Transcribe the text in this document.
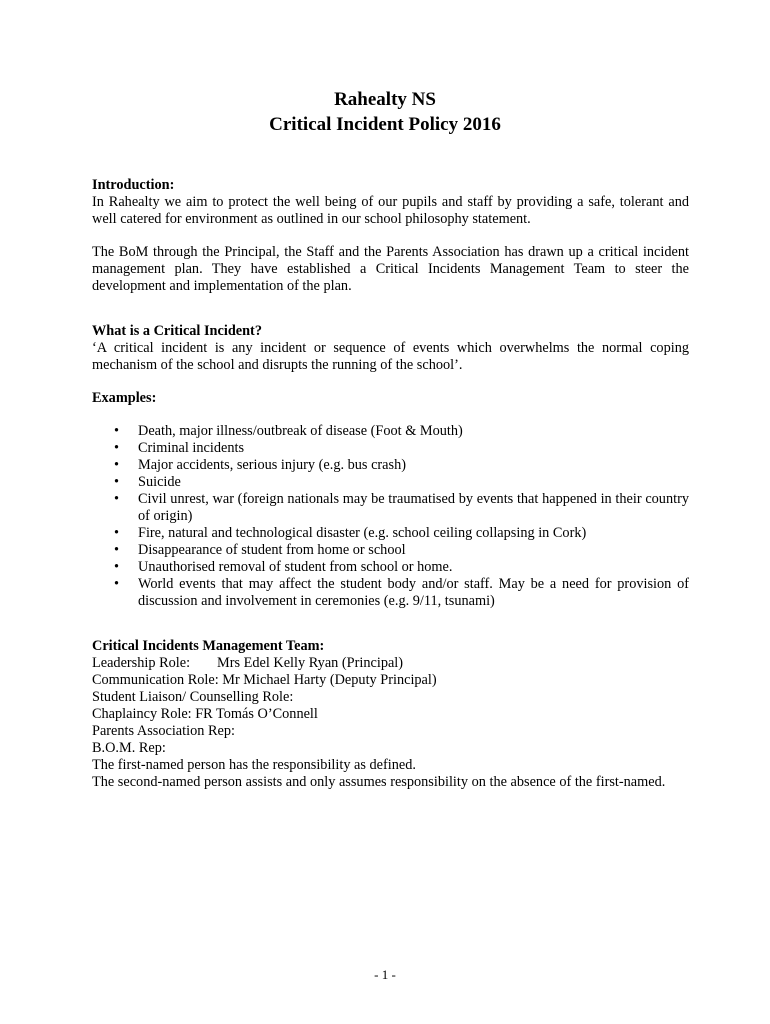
Rahealty NS
Critical Incident Policy 2016
Introduction:

In Rahealty we aim to protect the well being of our pupils and staff by providing a safe, tolerant and well catered for environment as outlined in our school philosophy statement.

The BoM through the Principal, the Staff and the Parents Association has drawn up a critical incident management plan. They have established a Critical Incidents Management Team to steer the development and implementation of the plan.

What is a Critical Incident?

‘A critical incident is any incident or sequence of events which overwhelms the normal coping mechanism of the school and disrupts the running of the school’.

Examples:
• Death, major illness/outbreak of disease (Foot & Mouth)
• Criminal incidents
• Major accidents, serious injury (e.g. bus crash)
• Suicide
• Civil unrest, war (foreign nationals may be traumatised by events that happened in their country of origin)
• Fire, natural and technological disaster (e.g. school ceiling collapsing in Cork)
• Disappearance of student from home or school
• Unauthorised removal of student from school or home.
• World events that may affect the student body and/or staff. May be a need for provision of discussion and involvement in ceremonies (e.g. 9/11, tsunami)
Critical Incidents Management Team:

Leadership Role: Mrs Edel Kelly Ryan (Principal)

Communication Role: Mr Michael Harty (Deputy Principal)

Student Liaison/ Counselling Role:

Chaplaincy Role: FR Tomás O’Connell

Parents Association Rep:

B.O.M. Rep:

The first-named person has the responsibility as defined.

The second-named person assists and only assumes responsibility on the absence of the first-named.

- 1 -
